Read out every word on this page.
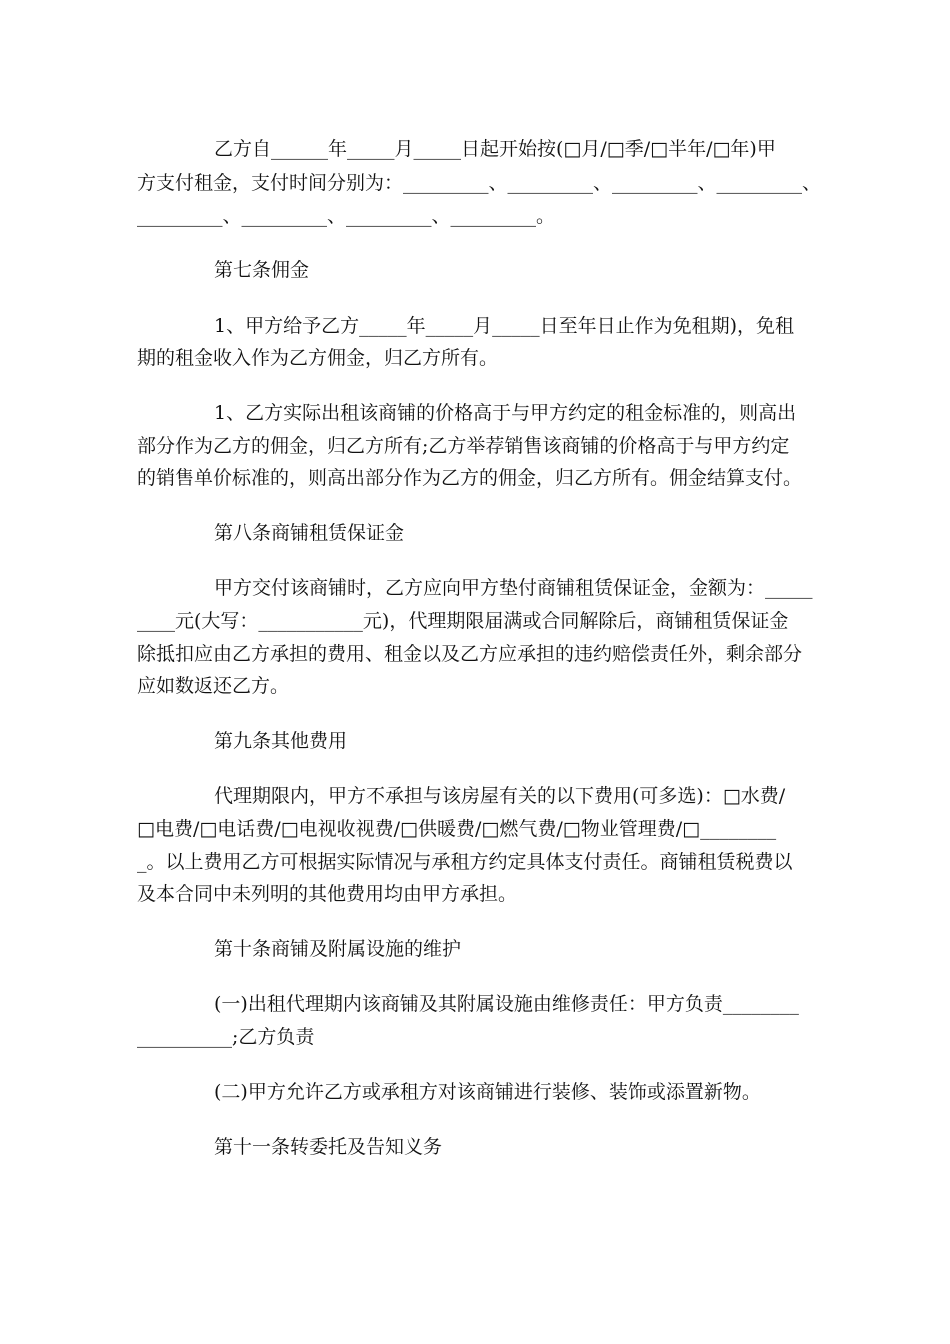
乙方自______年_____月_____日起开始按(□月/□季/□半年/□年)甲
方支付租金，支付时间分别为：_________、_________、_________、_________、
_________、_________、_________、_________。
第七条佣金
1、甲方给予乙方_____年_____月_____日至年日止作为免租期)，免租
期的租金收入作为乙方佣金，归乙方所有。
1、乙方实际出租该商铺的价格高于与甲方约定的租金标准的，则高出
部分作为乙方的佣金，归乙方所有;乙方举荐销售该商铺的价格高于与甲方约定
的销售单价标准的，则高出部分作为乙方的佣金，归乙方所有。佣金结算支付。
第八条商铺租赁保证金
甲方交付该商铺时，乙方应向甲方垫付商铺租赁保证金，金额为：_____
____元(大写：___________元)，代理期限届满或合同解除后，商铺租赁保证金
除抵扣应由乙方承担的费用、租金以及乙方应承担的违约赔偿责任外，剩余部分
应如数返还乙方。
第九条其他费用
代理期限内，甲方不承担与该房屋有关的以下费用(可多选)：□水费/
□电费/□电话费/□电视收视费/□供暖费/□燃气费/□物业管理费/□________
_。以上费用乙方可根据实际情况与承租方约定具体支付责任。商铺租赁税费以
及本合同中未列明的其他费用均由甲方承担。
第十条商铺及附属设施的维护
(一)出租代理期内该商铺及其附属设施由维修责任：甲方负责________
__________;乙方负责
(二)甲方允许乙方或承租方对该商铺进行装修、装饰或添置新物。
第十一条转委托及告知义务
